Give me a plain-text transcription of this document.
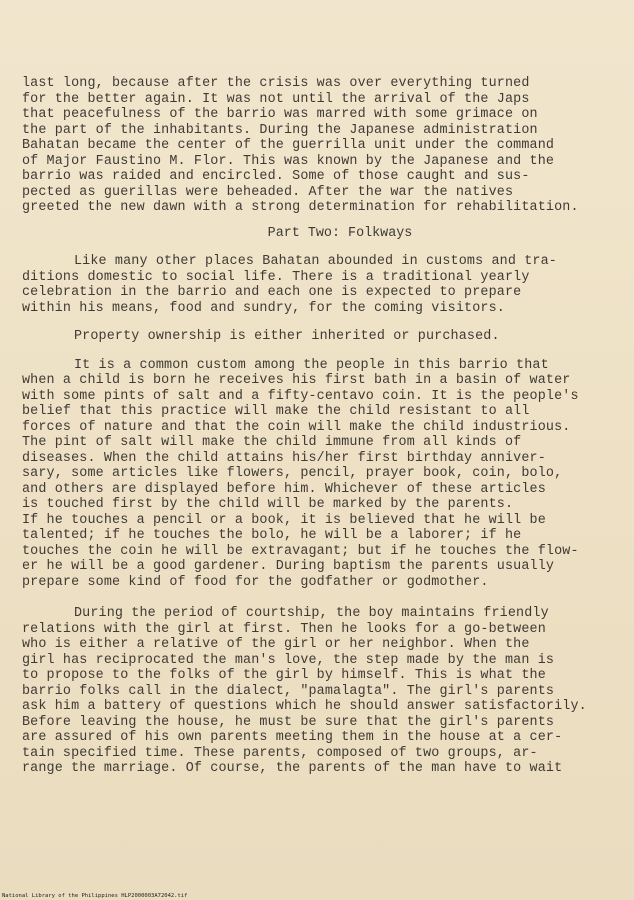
last long, because after the crisis was over everything turned
for the better again. It was not until the arrival of the Japs
that peacefulness of the barrio was marred with some grimace on
the part of the inhabitants. During the Japanese administration
Bahatan became the center of the guerrilla unit under the command
of Major Faustino M. Flor. This was known by the Japanese and the
barrio was raided and encircled. Some of those caught and sus-
pected as guerillas were beheaded. After the war the natives
greeted the new dawn with a strong determination for rehabilitation.
Part Two: Folkways
Like many other places Bahatan abounded in customs and tra-
ditions domestic to social life. There is a traditional yearly
celebration in the barrio and each one is expected to prepare
within his means, food and sundry, for the coming visitors.
Property ownership is either inherited or purchased.
It is a common custom among the people in this barrio that
when a child is born he receives his first bath in a basin of water
with some pints of salt and a fifty-centavo coin. It is the people's
belief that this practice will make the child resistant to all
forces of nature and that the coin will make the child industrious.
The pint of salt will make the child immune from all kinds of
diseases. When the child attains his/her first birthday anniver-
sary, some articles like flowers, pencil, prayer book, coin, bolo,
and others are displayed before him. Whichever of these articles
is touched first by the child will be marked by the parents.
If he touches a pencil or a book, it is believed that he will be
talented; if he touches the bolo, he will be a laborer; if he
touches the coin he will be extravagant; but if he touches the flow-
er he will be a good gardener. During baptism the parents usually
prepare some kind of food for the godfather or godmother.
During the period of courtship, the boy maintains friendly
relations with the girl at first. Then he looks for a go-between
who is either a relative of the girl or her neighbor. When the
girl has reciprocated the man's love, the step made by the man is
to propose to the folks of the girl by himself. This is what the
barrio folks call in the dialect, "pamalagta". The girl's parents
ask him a battery of questions which he should answer satisfactorily.
Before leaving the house, he must be sure that the girl's parents
are assured of his own parents meeting them in the house at a cer-
tain specified time. These parents, composed of two groups, ar-
range the marriage. Of course, the parents of the man have to wait
National Library of the Philippines HLP2000003A72042.tif
